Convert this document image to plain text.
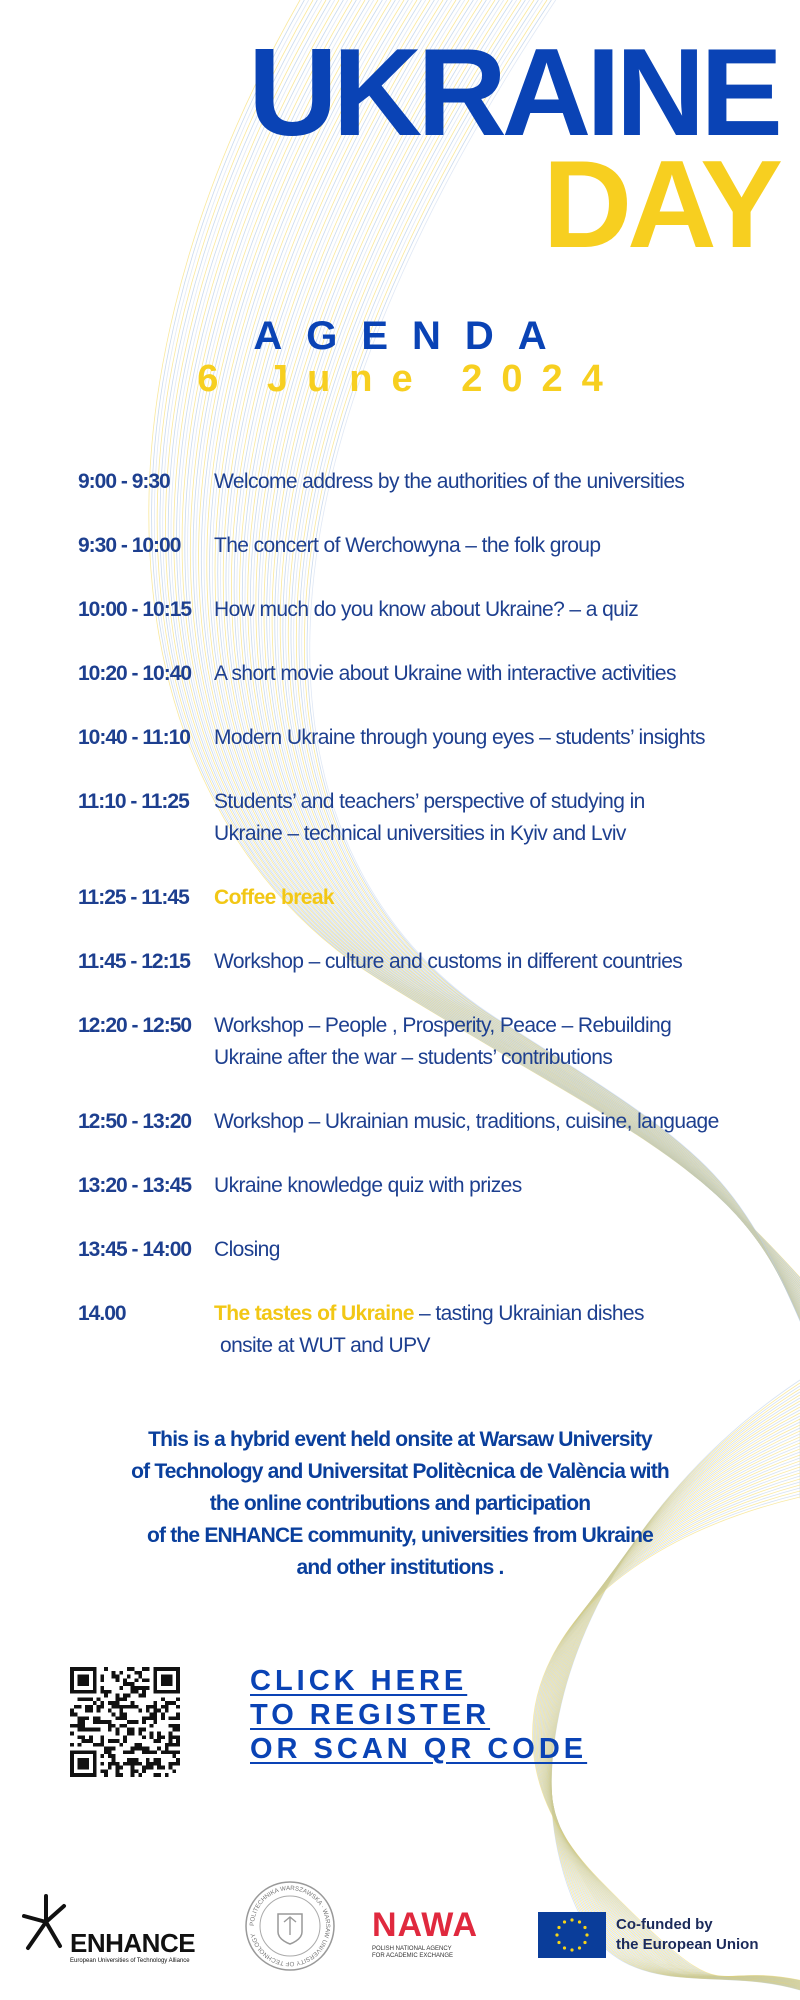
UKRAINE
DAY
AGENDA
6 June 2024
9:00 - 9:30	Welcome address by the authorities of the universities
9:30 - 10:00	The concert of Werchowyna – the folk group
10:00 - 10:15	How much do you know about Ukraine? – a quiz
10:20 - 10:40	A short movie about Ukraine with interactive activities
10:40 - 11:10	Modern Ukraine through young eyes – students’ insights
11:10 - 11:25	Students’ and teachers’ perspective of studying in
Ukraine – technical universities in Kyiv and Lviv
11:25 - 11:45	Coffee break
11:45 - 12:15	Workshop – culture and customs in different countries
12:20 - 12:50	Workshop – People , Prosperity, Peace – Rebuilding
Ukraine after the war – students’ contributions
12:50 - 13:20	Workshop – Ukrainian music, traditions, cuisine, language
13:20 - 13:45	Ukraine knowledge quiz with prizes
13:45 - 14:00	Closing
14.00	The tastes of Ukraine – tasting Ukrainian dishes
onsite at WUT and UPV
This is a hybrid event held onsite at Warsaw University
of Technology and Universitat Politècnica de València with
the online contributions and participation
of the ENHANCE community, universities from Ukraine
and other institutions .
CLICK HERE
TO REGISTER
OR SCAN QR CODE
ENHANCE
European Universities of Technology Alliance
POLITECHNIKA WARSZAWSKA · WARSAW UNIVERSITY OF TECHNOLOGY	NAWA
POLISH NATIONAL AGENCY
FOR ACADEMIC EXCHANGE
Co-funded by
the European Union
